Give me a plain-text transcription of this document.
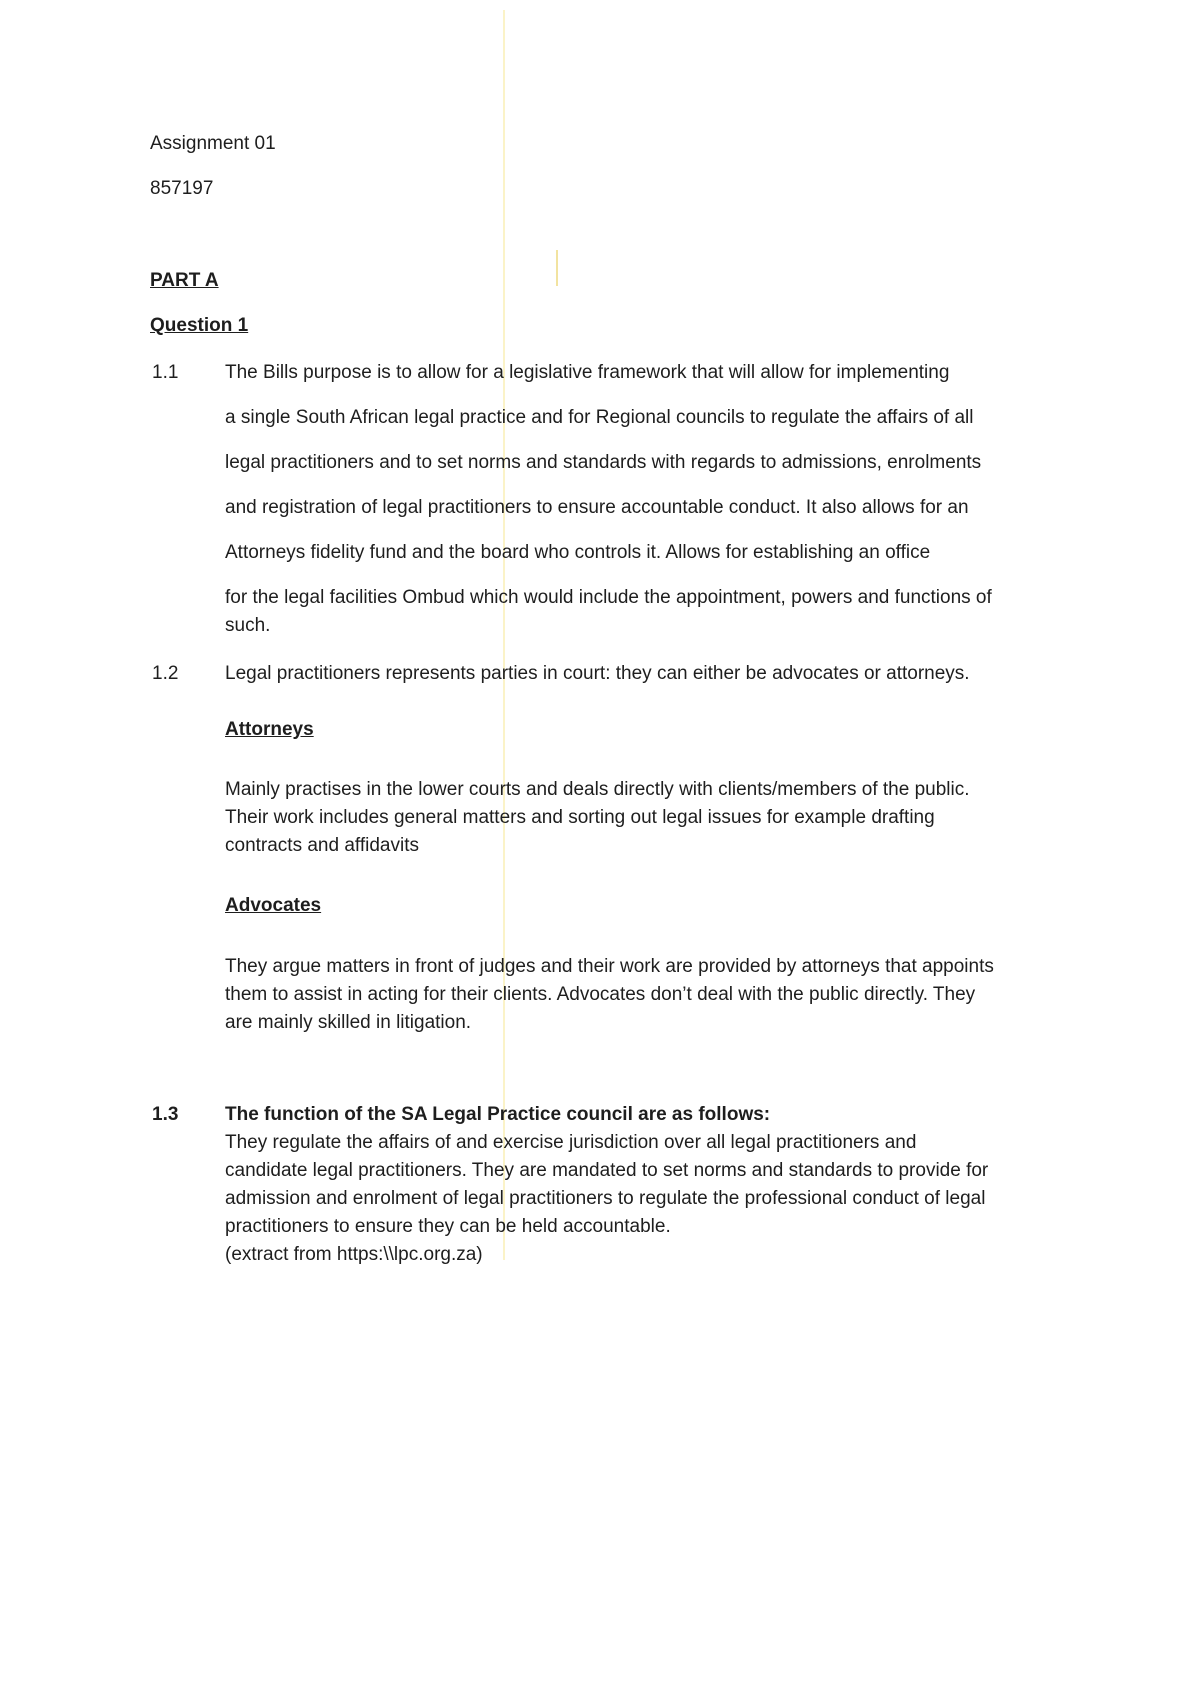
Assignment 01
857197
PART A
Question 1
1.1 The Bills purpose is to allow for a legislative framework that will allow for implementing
a single South African legal practice and for Regional councils to regulate the affairs of all
legal practitioners and to set norms and standards with regards to admissions, enrolments
and registration of legal practitioners to ensure accountable conduct. It also allows for an
Attorneys fidelity fund and the board who controls it. Allows for establishing an office
for the legal facilities Ombud which would include the appointment, powers and functions of
such.
1.2 Legal practitioners represents parties in court: they can either be advocates or attorneys.
Attorneys
Mainly practises in the lower courts and deals directly with clients/members of the public.
Their work includes general matters and sorting out legal issues for example drafting
contracts and affidavits
Advocates
They argue matters in front of judges and their work are provided by attorneys that appoints
them to assist in acting for their clients. Advocates don’t deal with the public directly. They
are mainly skilled in litigation.
1.3 The function of the SA Legal Practice council are as follows:
They regulate the affairs of and exercise jurisdiction over all legal practitioners and
candidate legal practitioners. They are mandated to set norms and standards to provide for
admission and enrolment of legal practitioners to regulate the professional conduct of legal
practitioners to ensure they can be held accountable.
(extract from https:\\lpc.org.za)
